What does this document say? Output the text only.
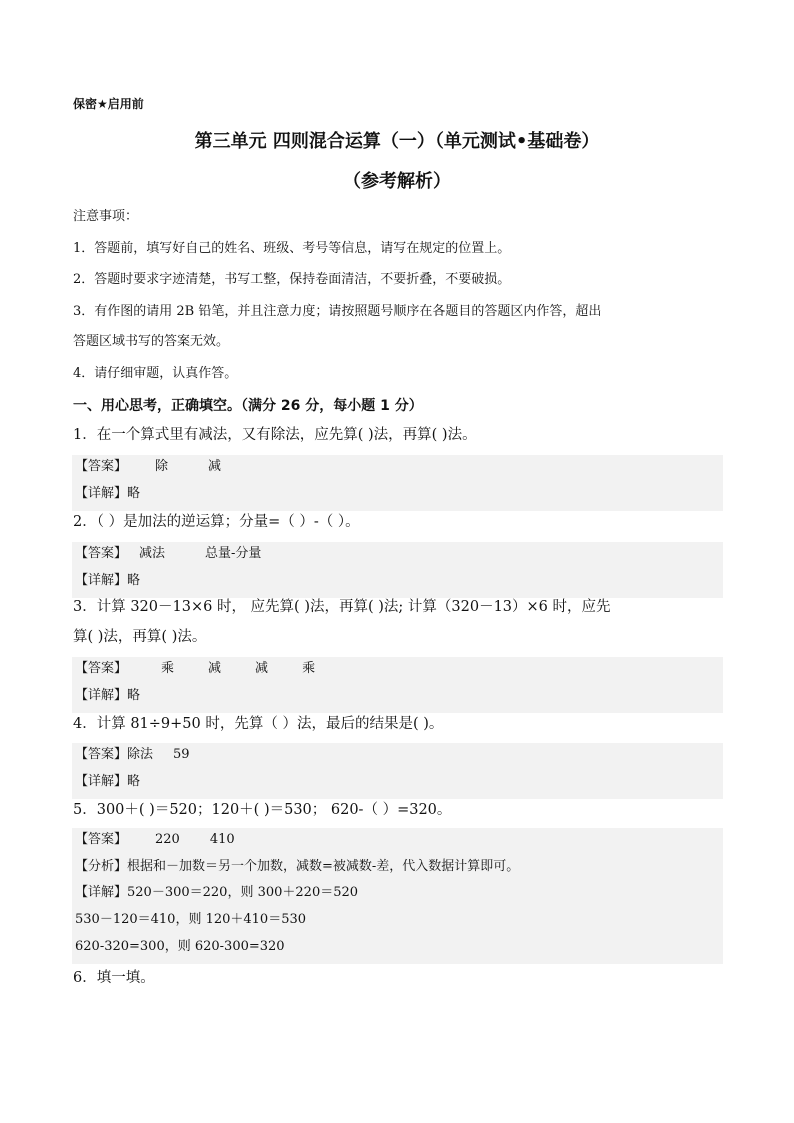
保密★启用前
第三单元 四则混合运算（一）（单元测试•基础卷）
（参考解析）
注意事项：
1．答题前，填写好自己的姓名、班级、考号等信息，请写在规定的位置上。
2．答题时要求字迹清楚，书写工整，保持卷面清洁，不要折叠，不要破损。
3．有作图的请用 2B 铅笔，并且注意力度；请按照题号顺序在各题目的答题区内作答，超出
答题区域书写的答案无效。
4．请仔细审题，认真作答。
一、用心思考，正确填空。（满分 26 分，每小题 1 分）
1．在一个算式里有减法，又有除法，应先算( )法，再算( )法。
【答案】 除	减
【详解】略
2．（ ）是加法的逆运算；分量=（ ）-（ ）。
【答案】 减法	总量-分量
【详解】略
3．计算 320－13×6 时， 应先算( )法，再算( )法; 计算（320－13）×6 时，应先
算( )法，再算( )法。
【答案】	乘	减	减	乘
【详解】略
4．计算 81÷9+50 时，先算（ ）法，最后的结果是( )。
【答案】除法 59
【详解】略
5．300＋( )＝520；120＋( )＝530； 620-（ ）=320。
【答案】 220 410
【分析】根据和－加数＝另一个加数，减数=被减数-差，代入数据计算即可。
【详解】520－300＝220，则 300＋220＝520
530－120＝410，则 120＋410＝530
620-320=300，则 620-300=320
6．填一填。
